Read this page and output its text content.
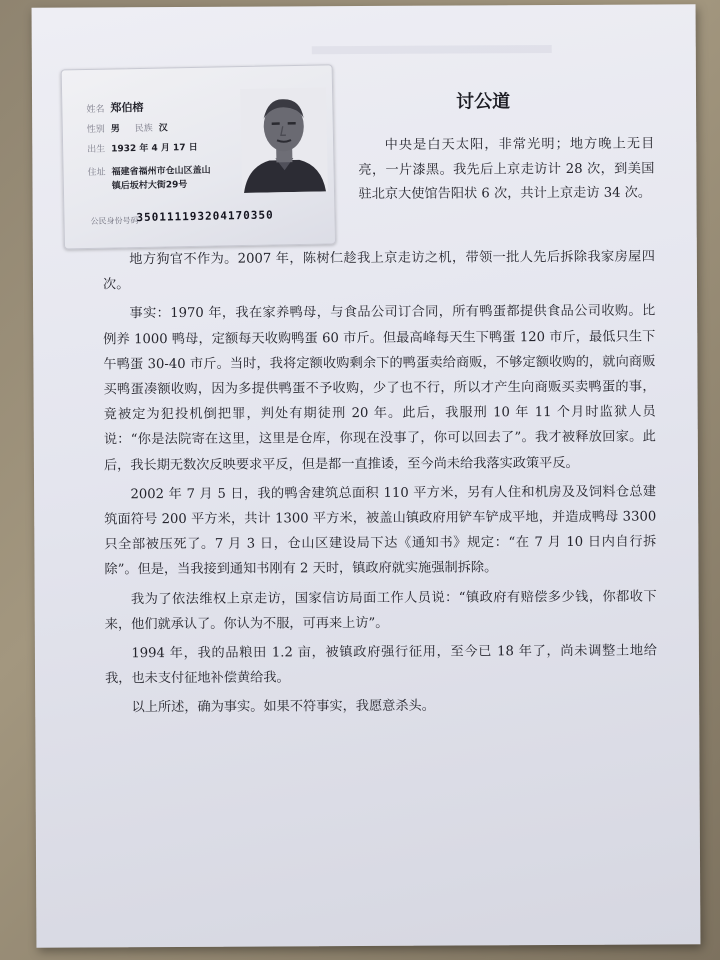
姓名 郑伯榕
性别 男 民族 汉
出生 1932 年 4 月 17 日
住址 福建省福州市仓山区盖山
镇后坂村大街29号
公民身份号码
350111193204170350
讨公道
中央是白天太阳，非常光明；地方晚上无目亮，一片漆黑。我先后上京走访计 28 次，到美国驻北京大使馆告阳状 6 次，共计上京走访 34 次。

地方狗官不作为。2007 年，陈树仁趁我上京走访之机，带领一批人先后拆除我家房屋四次。

事实：1970 年，我在家养鸭母，与食品公司订合同，所有鸭蛋都提供食品公司收购。比例养 1000 鸭母，定额每天收购鸭蛋 60 市斤。但最高峰每天生下鸭蛋 120 市斤，最低只生下午鸭蛋 30-40 市斤。当时，我将定额收购剩余下的鸭蛋卖给商贩，不够定额收购的，就向商贩买鸭蛋凑额收购，因为多提供鸭蛋不予收购，少了也不行，所以才产生向商贩买卖鸭蛋的事，竟被定为犯投机倒把罪，判处有期徒刑 20 年。此后，我服刑 10 年 11 个月时监狱人员说：“你是法院寄在这里，这里是仓库，你现在没事了，你可以回去了”。我才被释放回家。此后，我长期无数次反映要求平反，但是都一直推诿，至今尚未给我落实政策平反。

2002 年 7 月 5 日，我的鸭舍建筑总面积 110 平方米，另有人住和机房及及饲料仓总建筑面符号 200 平方米，共计 1300 平方米，被盖山镇政府用铲车铲成平地，并造成鸭母 3300 只全部被压死了。7 月 3 日，仓山区建设局下达《通知书》规定：“在 7 月 10 日内自行拆除”。但是，当我接到通知书刚有 2 天时，镇政府就实施强制拆除。

我为了依法维权上京走访，国家信访局面工作人员说：“镇政府有赔偿多少钱，你都收下来，他们就承认了。你认为不服，可再来上访”。

1994 年，我的品粮田 1.2 亩，被镇政府强行征用，至今已 18 年了，尚未调整土地给我，也未支付征地补偿黄给我。

以上所述，确为事实。如果不符事实，我愿意杀头。
